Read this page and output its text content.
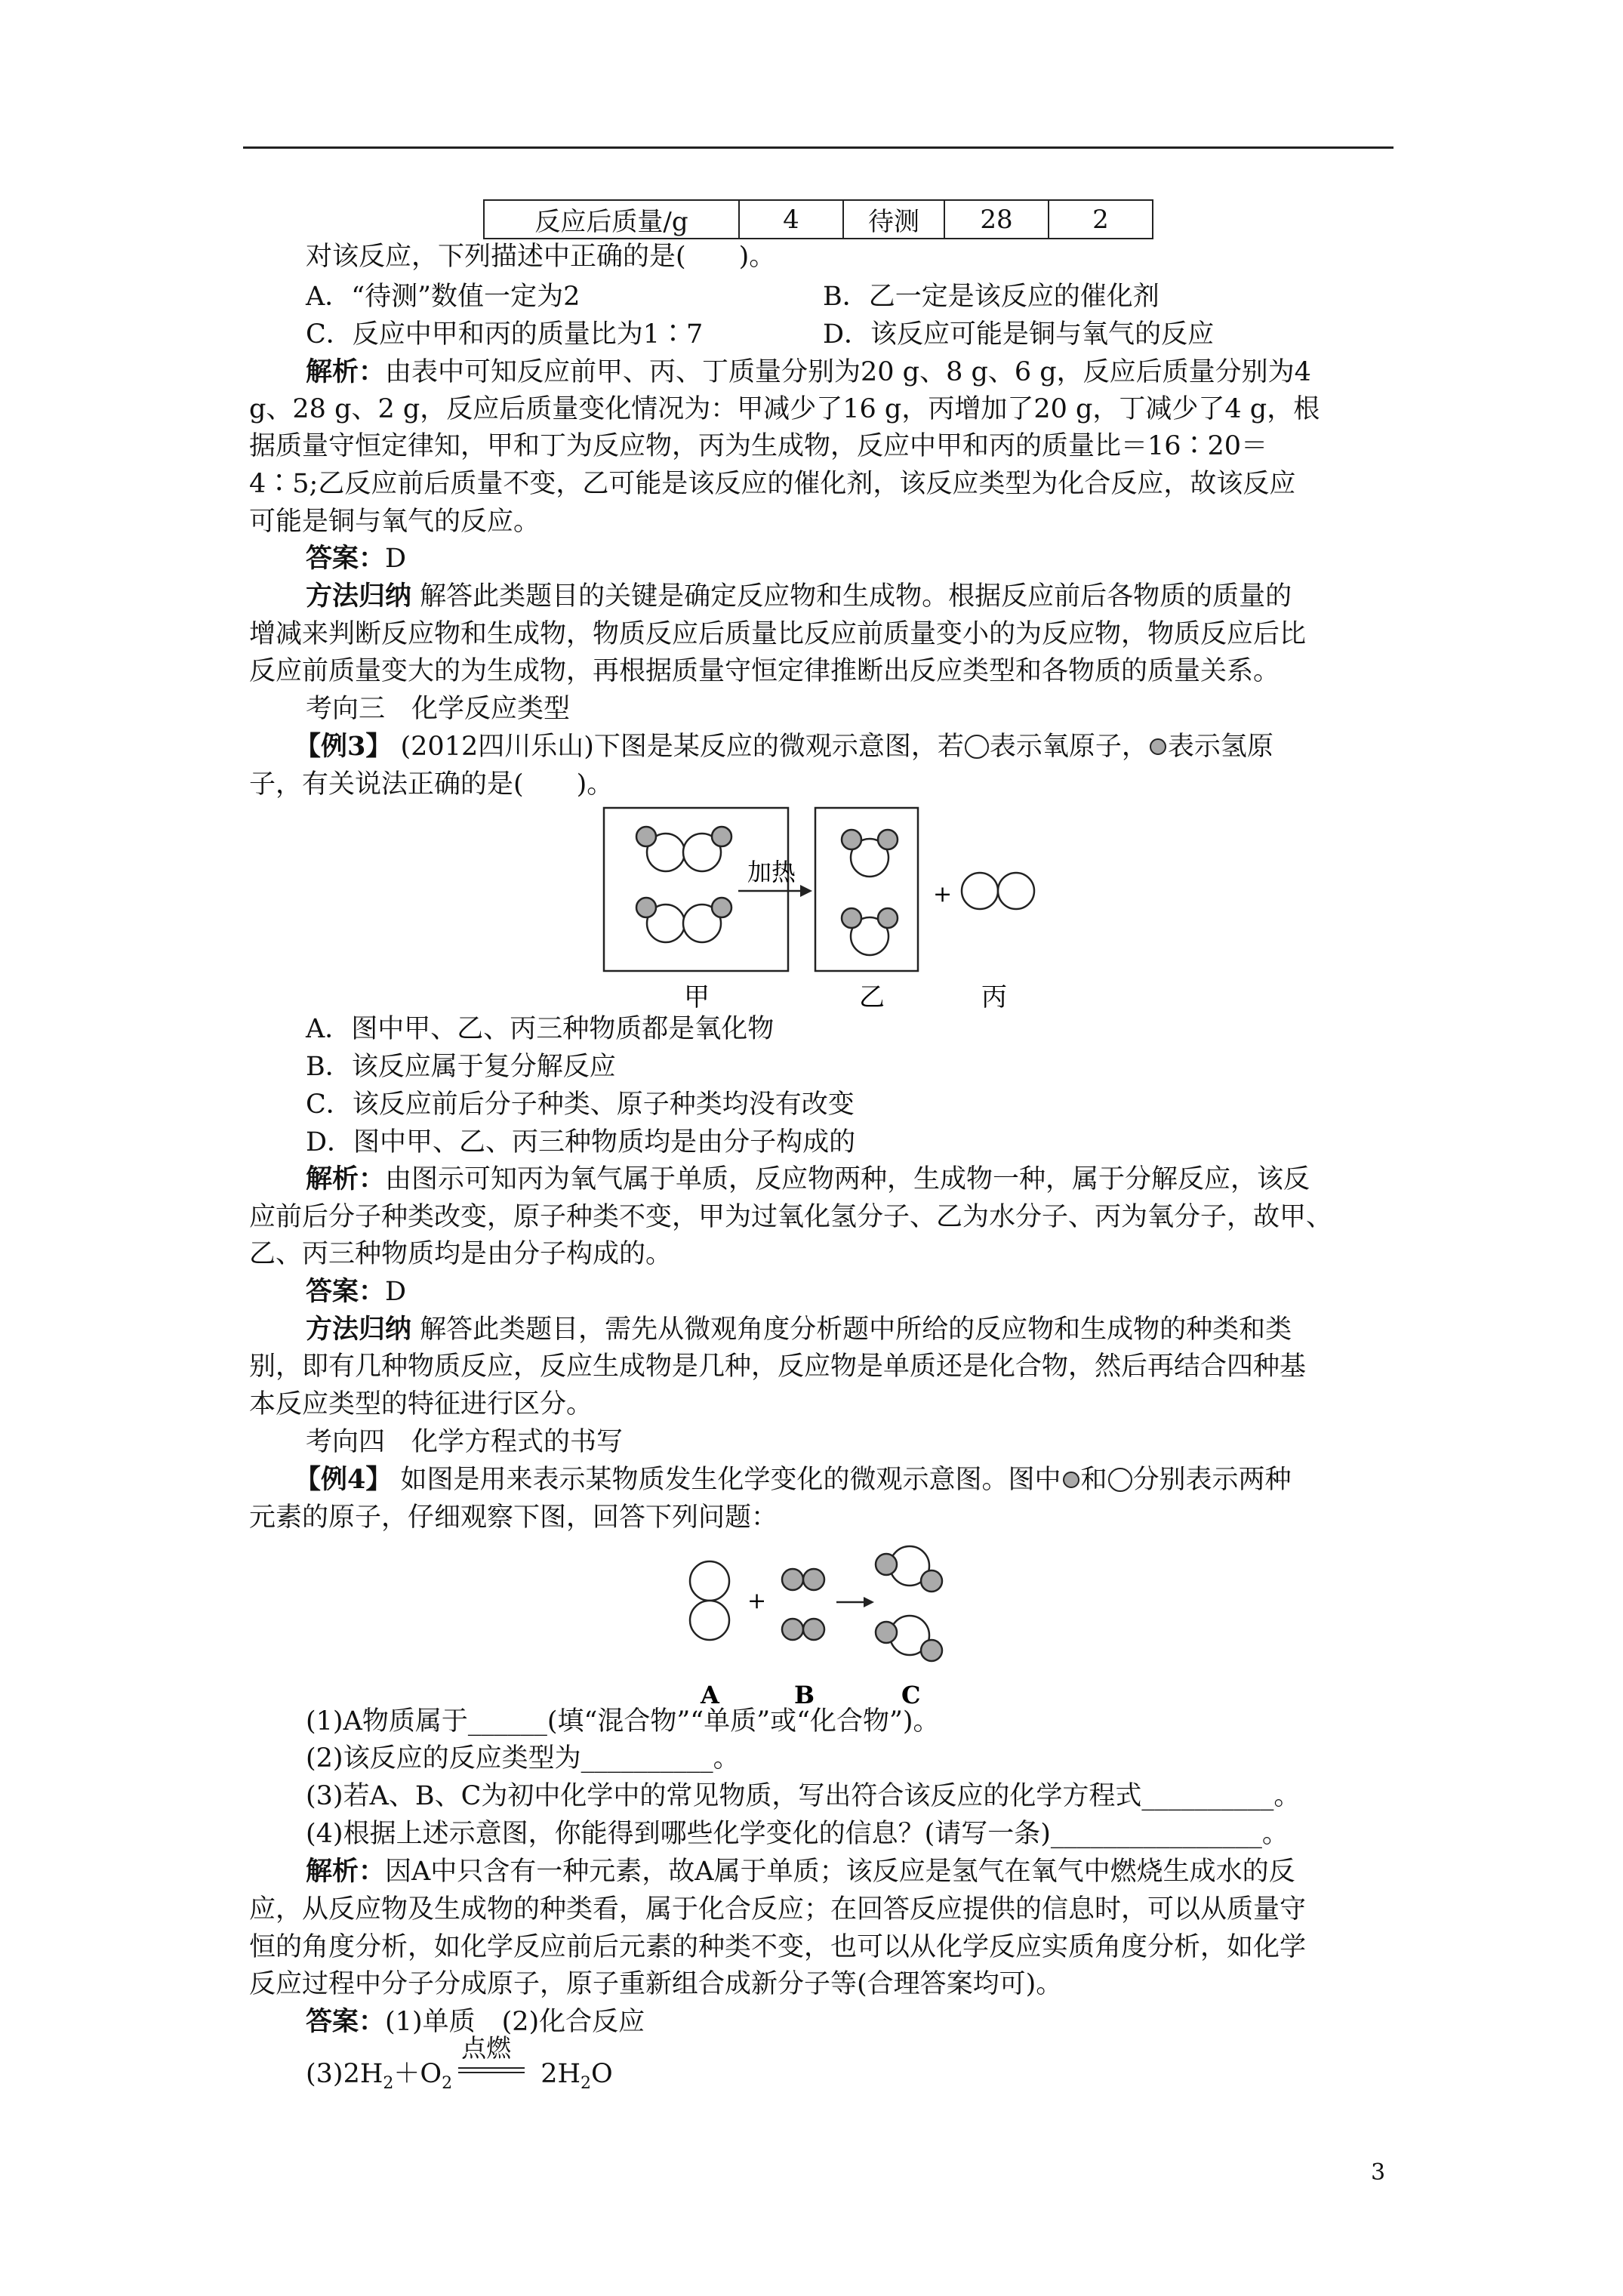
反应后质量/g	4	待测	28	2
对该反应，下列描述中正确的是(　　)。
A．“待测”数值一定为2	B．乙一定是该反应的催化剂
C．反应中甲和丙的质量比为1∶7	D．该反应可能是铜与氧气的反应
解析：由表中可知反应前甲、丙、丁质量分别为20 g、8 g、6 g，反应后质量分别为4
g、28 g、2 g，反应后质量变化情况为：甲减少了16 g，丙增加了20 g，丁减少了4 g，根
据质量守恒定律知，甲和丁为反应物，丙为生成物，反应中甲和丙的质量比＝16∶20＝
4∶5;乙反应前后质量不变，乙可能是该反应的催化剂，该反应类型为化合反应，故该反应
可能是铜与氧气的反应。
答案：D
方法归纳 解答此类题目的关键是确定反应物和生成物。根据反应前后各物质的质量的
增减来判断反应物和生成物，物质反应后质量比反应前质量变小的为反应物，物质反应后比
反应前质量变大的为生成物，再根据质量守恒定律推断出反应类型和各物质的质量关系。
考向三　化学反应类型
【例3】 (2012四川乐山)下图是某反应的微观示意图，若 表示氧原子， 表示氢原
子，有关说法正确的是(　　)。
加热
+
甲	乙	丙
A．图中甲、乙、丙三种物质都是氧化物
B．该反应属于复分解反应
C．该反应前后分子种类、原子种类均没有改变
D．图中甲、乙、丙三种物质均是由分子构成的
解析：由图示可知丙为氧气属于单质，反应物两种，生成物一种，属于分解反应，该反
应前后分子种类改变，原子种类不变，甲为过氧化氢分子、乙为水分子、丙为氧分子，故甲、
乙、丙三种物质均是由分子构成的。
答案：D
方法归纳 解答此类题目，需先从微观角度分析题中所给的反应物和生成物的种类和类
别，即有几种物质反应，反应生成物是几种，反应物是单质还是化合物，然后再结合四种基
本反应类型的特征进行区分。
考向四　化学方程式的书写
【例4】 如图是用来表示某物质发生化学变化的微观示意图。图中 和 分别表示两种
元素的原子，仔细观察下图，回答下列问题：
+
A	B	C
(1)A物质属于______(填“混合物”“单质”或“化合物”)。
(2)该反应的反应类型为__________。
(3)若A、B、C为初中化学中的常见物质，写出符合该反应的化学方程式__________。
(4)根据上述示意图，你能得到哪些化学变化的信息？(请写一条)________________。
解析：因A中只含有一种元素，故A属于单质；该反应是氢气在氧气中燃烧生成水的反
应，从反应物及生成物的种类看，属于化合反应；在回答反应提供的信息时，可以从质量守
恒的角度分析，如化学反应前后元素的种类不变，也可以从化学反应实质角度分析，如化学
反应过程中分子分成原子，原子重新组合成新分子等(合理答案均可)。
答案：(1)单质　(2)化合反应
$(3)2H_2+O_2$
点燃
$2H_2O$
3
